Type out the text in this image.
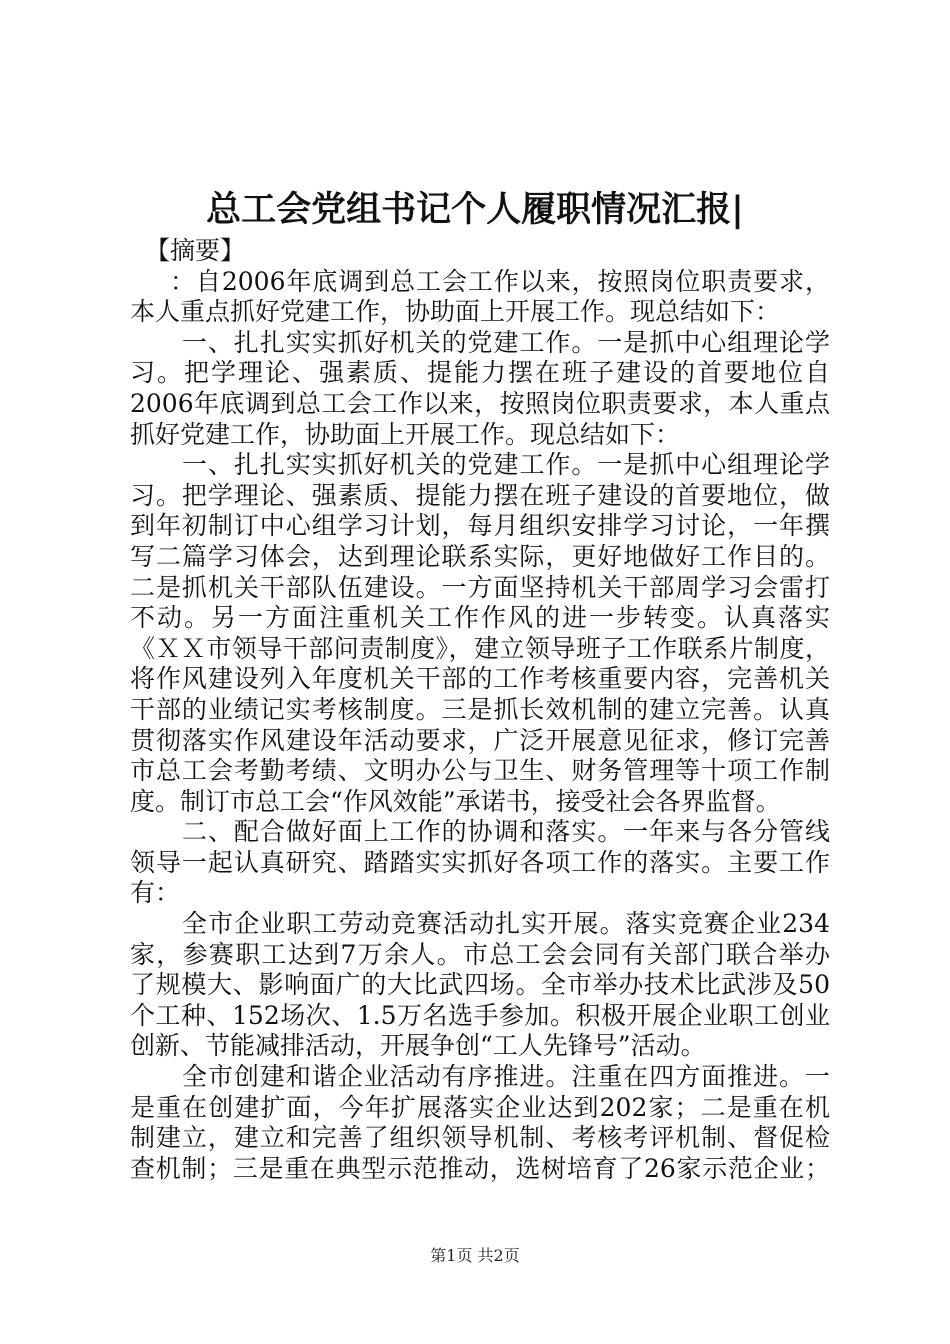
总工会党组书记个人履职情况汇报|
【摘要】
：自2006年底调到总工会工作以来，按照岗位职责要求，
本人重点抓好党建工作，协助面上开展工作。现总结如下：
一、扎扎实实抓好机关的党建工作。一是抓中心组理论学
习。把学理论、强素质、提能力摆在班子建设的首要地位自
2006年底调到总工会工作以来，按照岗位职责要求，本人重点
抓好党建工作，协助面上开展工作。现总结如下：
一、扎扎实实抓好机关的党建工作。一是抓中心组理论学
习。把学理论、强素质、提能力摆在班子建设的首要地位，做
到年初制订中心组学习计划，每月组织安排学习讨论，一年撰
写二篇学习体会，达到理论联系实际，更好地做好工作目的。
二是抓机关干部队伍建设。一方面坚持机关干部周学习会雷打
不动。另一方面注重机关工作作风的进一步转变。认真落实
《ＸＸ市领导干部问责制度》，建立领导班子工作联系片制度，
将作风建设列入年度机关干部的工作考核重要内容，完善机关
干部的业绩记实考核制度。三是抓长效机制的建立完善。认真
贯彻落实作风建设年活动要求，广泛开展意见征求，修订完善
市总工会考勤考绩、文明办公与卫生、财务管理等十项工作制
度。制订市总工会“作风效能”承诺书，接受社会各界监督。
二、配合做好面上工作的协调和落实。一年来与各分管线
领导一起认真研究、踏踏实实抓好各项工作的落实。主要工作
有：
全市企业职工劳动竞赛活动扎实开展。落实竞赛企业234
家，参赛职工达到7万余人。市总工会会同有关部门联合举办
了规模大、影响面广的大比武四场。全市举办技术比武涉及50
个工种、152场次、1.5万名选手参加。积极开展企业职工创业
创新、节能减排活动，开展争创“工人先锋号”活动。
全市创建和谐企业活动有序推进。注重在四方面推进。一
是重在创建扩面，今年扩展落实企业达到202家；二是重在机
制建立，建立和完善了组织领导机制、考核考评机制、督促检
查机制；三是重在典型示范推动，选树培育了26家示范企业；
第1页 共2页
